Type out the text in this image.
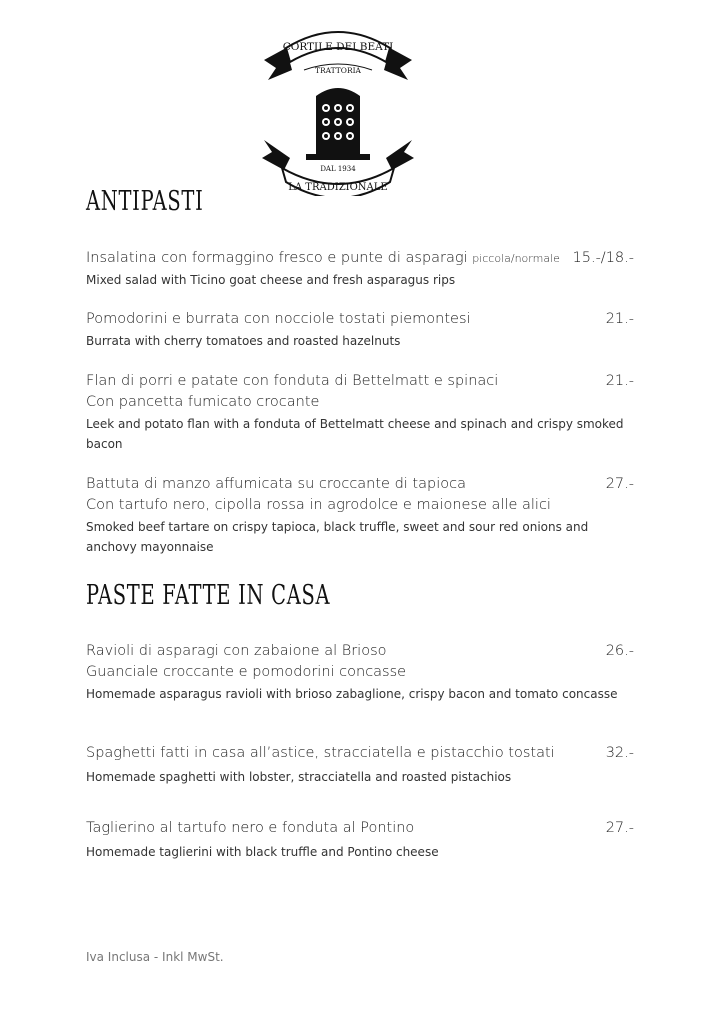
CORTILE DEI BEATI
TRATTORIA
DAL 1934
LA TRADIZIONALE
ANTIPASTI
Insalatina con formaggino fresco e punte di asparagi piccola/normale 15.-/18.-
Mixed salad with Ticino goat cheese and fresh asparagus rips
Pomodorini e burrata con nocciole tostati piemontesi	21.-
Burrata with cherry tomatoes and roasted hazelnuts
Flan di porri e patate con fonduta di Bettelmatt e spinaci	21.-
Con pancetta fumicato crocante
Leek and potato flan with a fonduta of Bettelmatt cheese and spinach and crispy smoked bacon
Battuta di manzo affumicata su croccante di tapioca	27.-
Con tartufo nero, cipolla rossa in agrodolce e maionese alle alici
Smoked beef tartare on crispy tapioca, black truffle, sweet and sour red onions and anchovy mayonnaise
PASTE FATTE IN CASA
Ravioli di asparagi con zabaione al Brioso	26.-
Guanciale croccante e pomodorini concasse
Homemade asparagus ravioli with brioso zabaglione, crispy bacon and tomato concasse
Spaghetti fatti in casa all’astice, stracciatella e pistacchio tostati	32.-
Homemade spaghetti with lobster, stracciatella and roasted pistachios
Taglierino al tartufo nero e fonduta al Pontino	27.-
Homemade taglierini with black truffle and Pontino cheese
Iva Inclusa - Inkl MwSt.
